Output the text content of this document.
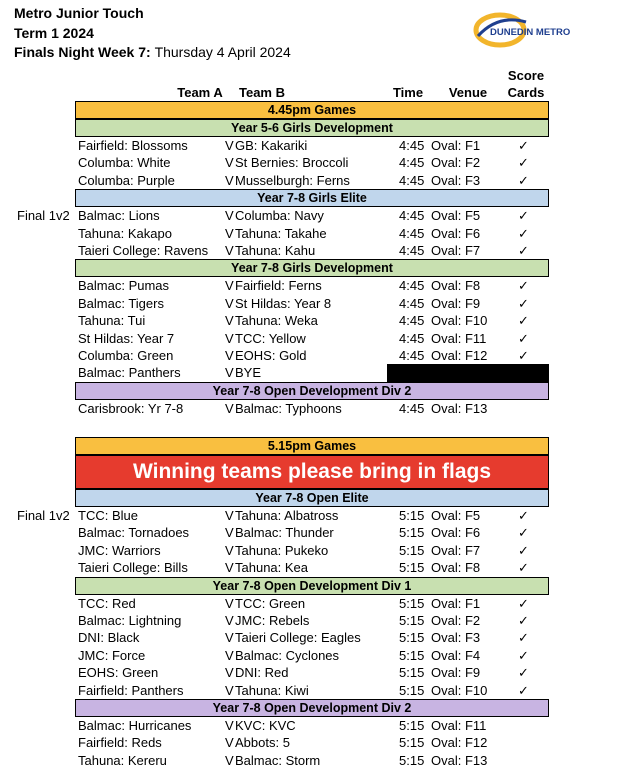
Metro Junior Touch
Term 1 2024
Finals Night Week 7: Thursday 4 April 2024
DUNEDIN METRO
Team A	Team B	Time	Venue
Score
Cards
4.45pm Games
Year 5-6 Girls Development
Fairfield: Blossoms	V GB: Kakariki	4:45 Oval: F1	✓
Columba: White	V St Bernies: Broccoli	4:45 Oval: F2	✓
Columba: Purple	V Musselburgh: Ferns	4:45 Oval: F3	✓
Year 7-8 Girls Elite
Final 1v2 Balmac: Lions	V Columba: Navy	4:45 Oval: F5	✓
Tahuna: Kakapo	V Tahuna: Takahe	4:45 Oval: F6	✓
Taieri College: Ravens V Tahuna: Kahu	4:45 Oval: F7	✓
Year 7-8 Girls Development
Balmac: Pumas	V Fairfield: Ferns	4:45 Oval: F8	✓
Balmac: Tigers	V St Hildas: Year 8	4:45 Oval: F9	✓
Tahuna: Tui	V Tahuna: Weka	4:45 Oval: F10 ✓
St Hildas: Year 7	V TCC: Yellow	4:45 Oval: F11 ✓
Columba: Green	V EOHS: Gold	4:45 Oval: F12 ✓
Balmac: Panthers	V BYE
Year 7-8 Open Development Div 2
Carisbrook: Yr 7-8	V Balmac: Typhoons	4:45 Oval: F13
5.15pm Games
Winning teams please bring in flags
Year 7-8 Open Elite
Final 1v2 TCC: Blue	V Tahuna: Albatross	5:15 Oval: F5	✓
Balmac: Tornadoes	V Balmac: Thunder	5:15 Oval: F6	✓
JMC: Warriors	V Tahuna: Pukeko	5:15 Oval: F7	✓
Taieri College: Bills	V Tahuna: Kea	5:15 Oval: F8	✓
Year 7-8 Open Development Div 1
TCC: Red	V TCC: Green	5:15 Oval: F1	✓
Balmac: Lightning	V JMC: Rebels	5:15 Oval: F2	✓
DNI: Black	V Taieri College: Eagles	5:15 Oval: F3	✓
JMC: Force	V Balmac: Cyclones	5:15 Oval: F4	✓
EOHS: Green	V DNI: Red	5:15 Oval: F9	✓
Fairfield: Panthers	V Tahuna: Kiwi	5:15 Oval: F10 ✓
Year 7-8 Open Development Div 2
Balmac: Hurricanes	V KVC: KVC	5:15 Oval: F11
Fairfield: Reds	V Abbots: 5	5:15 Oval: F12
Tahuna: Kereru	V Balmac: Storm	5:15 Oval: F13
